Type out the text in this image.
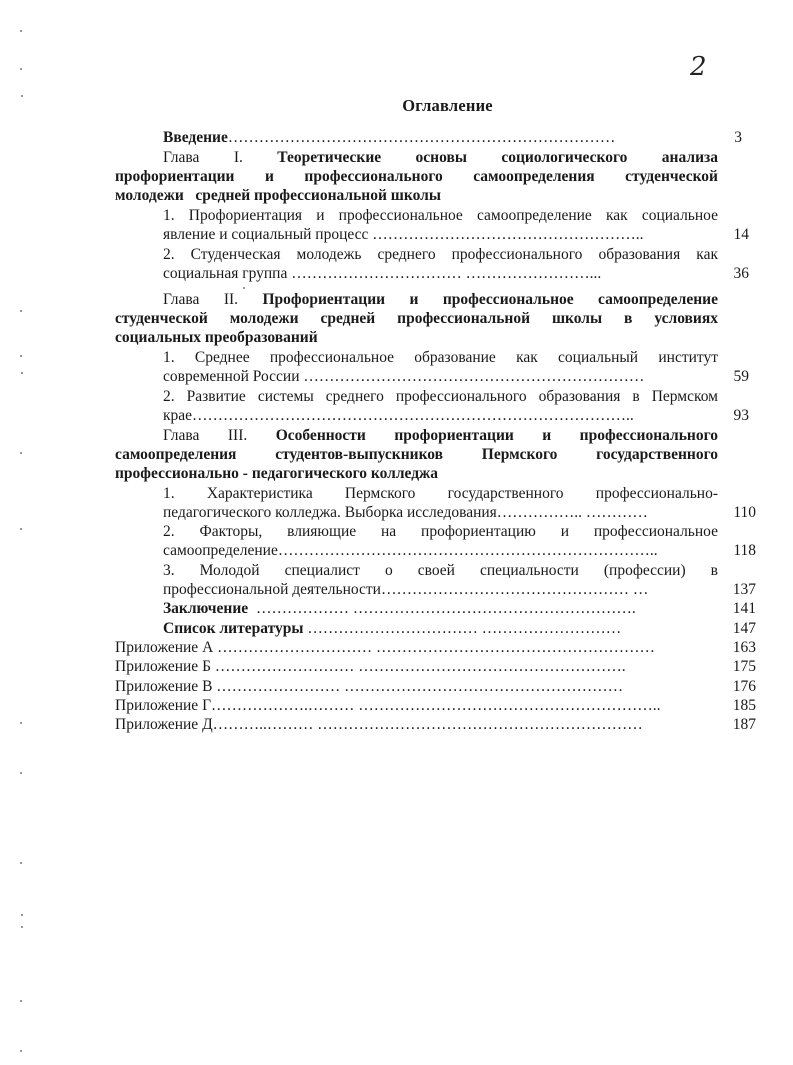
2
Оглавление
Введение…………………………………………………………………	3
Глава I. Теоретические основы социологического анализа
профориентации и профессионального самоопределения студенческой
молодежи средней профессиональной школы
1. Профориентация и профессиональное самоопределение как социальное
явление и социальный процесс ……………………………………………..	14
2. Студенческая молодежь среднего профессионального образования как
социальная группа …………………………… ……………………...	36
Глава II. Профориентации и профессиональное самоопределение
студенческой молодежи средней профессиональной школы в условиях
социальных преобразований
1. Среднее профессиональное образование как социальный институт
современной России …………………………………………………………	59
2. Развитие системы среднего профессионального образования в Пермском
крае…………………………………………………………………………..	93
Глава III. Особенности профориентации и профессионального
самоопределения студентов-выпускников Пермского государственного
профессионально - педагогического колледжа
1. Характеристика Пермского государственного профессионально-
педагогического колледжа. Выборка исследования…………….. …………	110
2. Факторы, влияющие на профориентацию и профессиональное
самоопределение………………………………………………………………..	118
3. Молодой специалист о своей специальности (профессии) в
профессиональной деятельности………………………………………… …	137
Заключение ……………… ……………………………………………….	141
Список литературы …………………………… ………………………	147
Приложение А ………………………… ………………………………………………	163
Приложение Б ……………………… …………………………………………….	175
Приложение В …………………… ………………………………………………	176
Приложение Г……………….……… …………………………………………………..	185
Приложение Д………..……… ………………………………………………………	187
